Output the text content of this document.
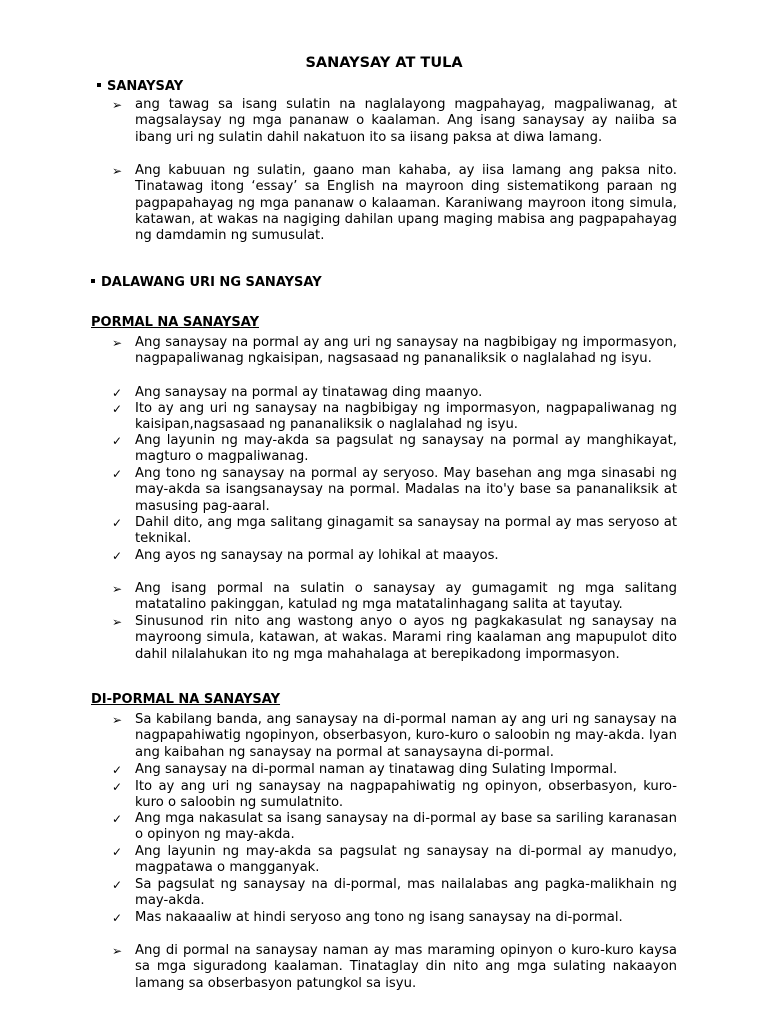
SANAYSAY AT TULA
SANAYSAY
➢ ang tawag sa isang sulatin na naglalayong magpahayag, magpaliwanag, at magsalaysay ng mga pananaw o kaalaman. Ang isang sanaysay ay naiiba sa ibang uri ng sulatin dahil nakatuon ito sa iisang paksa at diwa lamang.
➢ Ang kabuuan ng sulatin, gaano man kahaba, ay iisa lamang ang paksa nito. Tinatawag itong ‘essay’ sa English na mayroon ding sistematikong paraan ng pagpapahayag ng mga pananaw o kalaaman. Karaniwang mayroon itong simula, katawan, at wakas na nagiging dahilan upang maging mabisa ang pagpapahayag ng damdamin ng sumusulat.
DALAWANG URI NG SANAYSAY
PORMAL NA SANAYSAY
➢ Ang sanaysay na pormal ay ang uri ng sanaysay na nagbibigay ng impormasyon, nagpapaliwanag ngkaisipan, nagsasaad ng pananaliksik o naglalahad ng isyu.
✓ Ang sanaysay na pormal ay tinatawag ding maanyo.
✓ Ito ay ang uri ng sanaysay na nagbibigay ng impormasyon, nagpapaliwanag ng kaisipan,nagsasaad ng pananaliksik o naglalahad ng isyu.
✓ Ang layunin ng may-akda sa pagsulat ng sanaysay na pormal ay manghikayat, magturo o magpaliwanag.
✓ Ang tono ng sanaysay na pormal ay seryoso. May basehan ang mga sinasabi ng may-akda sa isangsanaysay na pormal. Madalas na ito'y base sa pananaliksik at masusing pag-aaral.
✓ Dahil dito, ang mga salitang ginagamit sa sanaysay na pormal ay mas seryoso at teknikal.
✓ Ang ayos ng sanaysay na pormal ay lohikal at maayos.
➢ Ang isang pormal na sulatin o sanaysay ay gumagamit ng mga salitang matatalino pakinggan, katulad ng mga matatalinhagang salita at tayutay.
➢ Sinusunod rin nito ang wastong anyo o ayos ng pagkakasulat ng sanaysay na mayroong simula, katawan, at wakas. Marami ring kaalaman ang mapupulot dito dahil nilalahukan ito ng mga mahahalaga at berepikadong impormasyon.
DI-PORMAL NA SANAYSAY
➢ Sa kabilang banda, ang sanaysay na di-pormal naman ay ang uri ng sanaysay na nagpapahiwatig ngopinyon, obserbasyon, kuro-kuro o saloobin ng may-akda. Iyan ang kaibahan ng sanaysay na pormal at sanaysayna di-pormal.
✓ Ang sanaysay na di-pormal naman ay tinatawag ding Sulating Impormal.
✓ Ito ay ang uri ng sanaysay na nagpapahiwatig ng opinyon, obserbasyon, kuro-kuro o saloobin ng sumulatnito.
✓ Ang mga nakasulat sa isang sanaysay na di-pormal ay base sa sariling karanasan o opinyon ng may-akda.
✓ Ang layunin ng may-akda sa pagsulat ng sanaysay na di-pormal ay manudyo, magpatawa o mangganyak.
✓ Sa pagsulat ng sanaysay na di-pormal, mas nailalabas ang pagka-malikhain ng may-akda.
✓ Mas nakaaaliw at hindi seryoso ang tono ng isang sanaysay na di-pormal.
➢ Ang di pormal na sanaysay naman ay mas maraming opinyon o kuro-kuro kaysa sa mga siguradong kaalaman. Tinataglay din nito ang mga sulating nakaayon lamang sa obserbasyon patungkol sa isyu.
